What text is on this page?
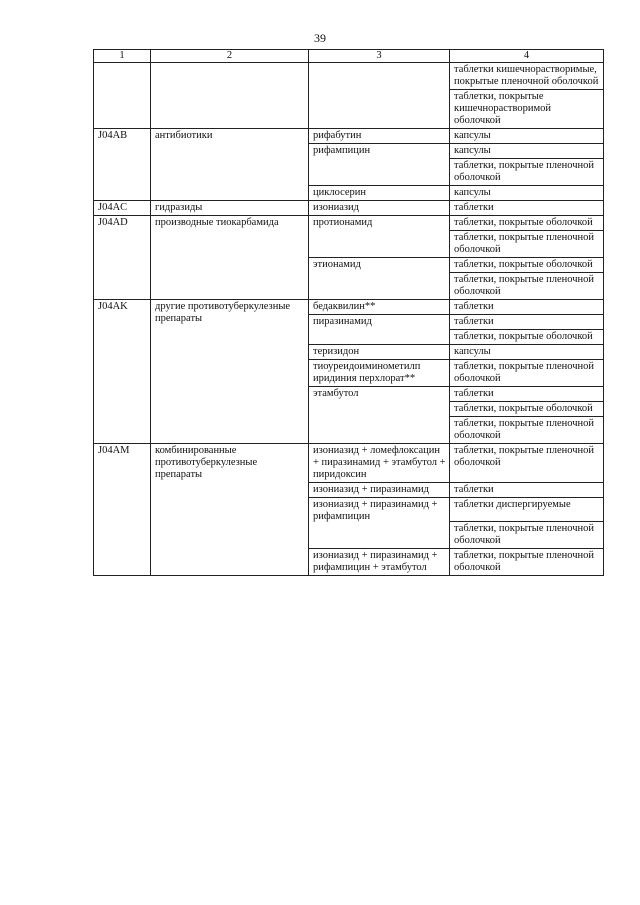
39
1	2	3	4
			таблетки кишечнорастворимые, покрытые пленочной оболочкой
			таблетки, покрытые кишечнорастворимой оболочкой
J04AB	антибиотики	рифабутин	капсулы
		рифампицин	капсулы
			таблетки, покрытые пленочной оболочкой
		циклосерин	капсулы
J04AC	гидразиды	изониазид	таблетки
J04AD	производные тиокарбамида	протионамид	таблетки, покрытые оболочкой
			таблетки, покрытые пленочной оболочкой
		этионамид	таблетки, покрытые оболочкой
			таблетки, покрытые пленочной оболочкой
J04AK	другие противотуберкулезные препараты	бедаквилин**	таблетки
		пиразинамид	таблетки
			таблетки, покрытые оболочкой
		теризидон	капсулы
		тиоуреидоиминометилп иридиния перхлорат**	таблетки, покрытые пленочной оболочкой
		этамбутол	таблетки
			таблетки, покрытые оболочкой
			таблетки, покрытые пленочной оболочкой
J04AM	комбинированные противотуберкулезные препараты	изониазид + ломефлоксацин + пиразинамид + этамбутол + пиридоксин	таблетки, покрытые пленочной оболочкой
		изониазид + пиразинамид	таблетки
		изониазид + пиразинамид + рифампицин	таблетки диспергируемые
			таблетки, покрытые пленочной оболочкой
		изониазид + пиразинамид + рифампицин + этамбутол	таблетки, покрытые пленочной оболочкой
